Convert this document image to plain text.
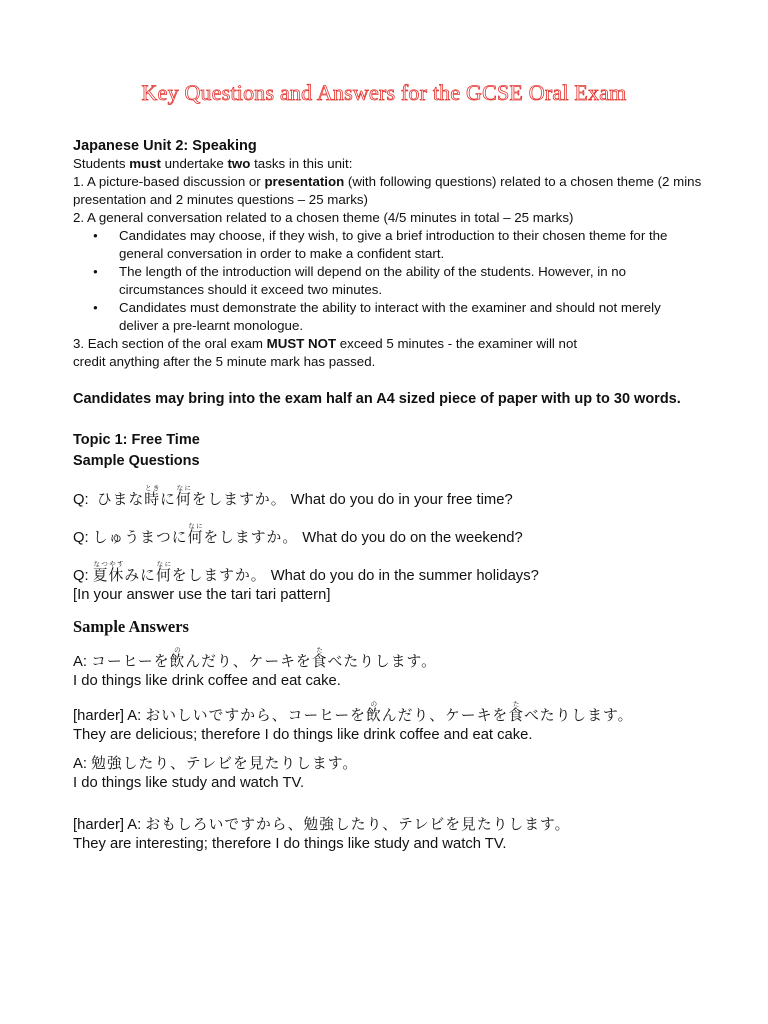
Key Questions and Answers for the GCSE Oral Exam

Japanese Unit 2: Speaking

Students must undertake two tasks in this unit:

1. A picture-based discussion or presentation (with following questions) related to a chosen theme (2 mins presentation and 2 minutes questions – 25 marks)

2. A general conversation related to a chosen theme (4/5 minutes in total – 25 marks)

● Candidates may choose, if they wish, to give a brief introduction to their chosen theme for the general conversation in order to make a confident start.
● The length of the introduction will depend on the ability of the students. However, in no circumstances should it exceed two minutes.
● Candidates must demonstrate the ability to interact with the examiner and should not merely deliver a pre-learnt monologue.

3. Each section of the oral exam MUST NOT exceed 5 minutes - the examiner will not
credit anything after the 5 minute mark has passed.

Candidates may bring into the exam half an A4 sized piece of paper with up to 30 words.

Topic 1: Free Time

Sample Questions

Q: ひまな時ときに何なにをしますか。 What do you do in your free time?

Q: しゅうまつに何なにをしますか。 What do you do on the weekend?

Q: 夏休なつやすみに何なにをしますか。 What do you do in the summer holidays?

[In your answer use the tari tari pattern]

Sample Answers

A: コーヒーを飲のんだり、ケーキを食たべたりします。

I do things like drink coffee and eat cake.

[harder] A: おいしいですから、コーヒーを飲のんだり、ケーキを食たべたりします。

They are delicious; therefore I do things like drink coffee and eat cake.

A: 勉強したり、テレビを見たりします。

I do things like study and watch TV.

[harder] A: おもしろいですから、勉強したり、テレビを見たりします。

They are interesting; therefore I do things like study and watch TV.
